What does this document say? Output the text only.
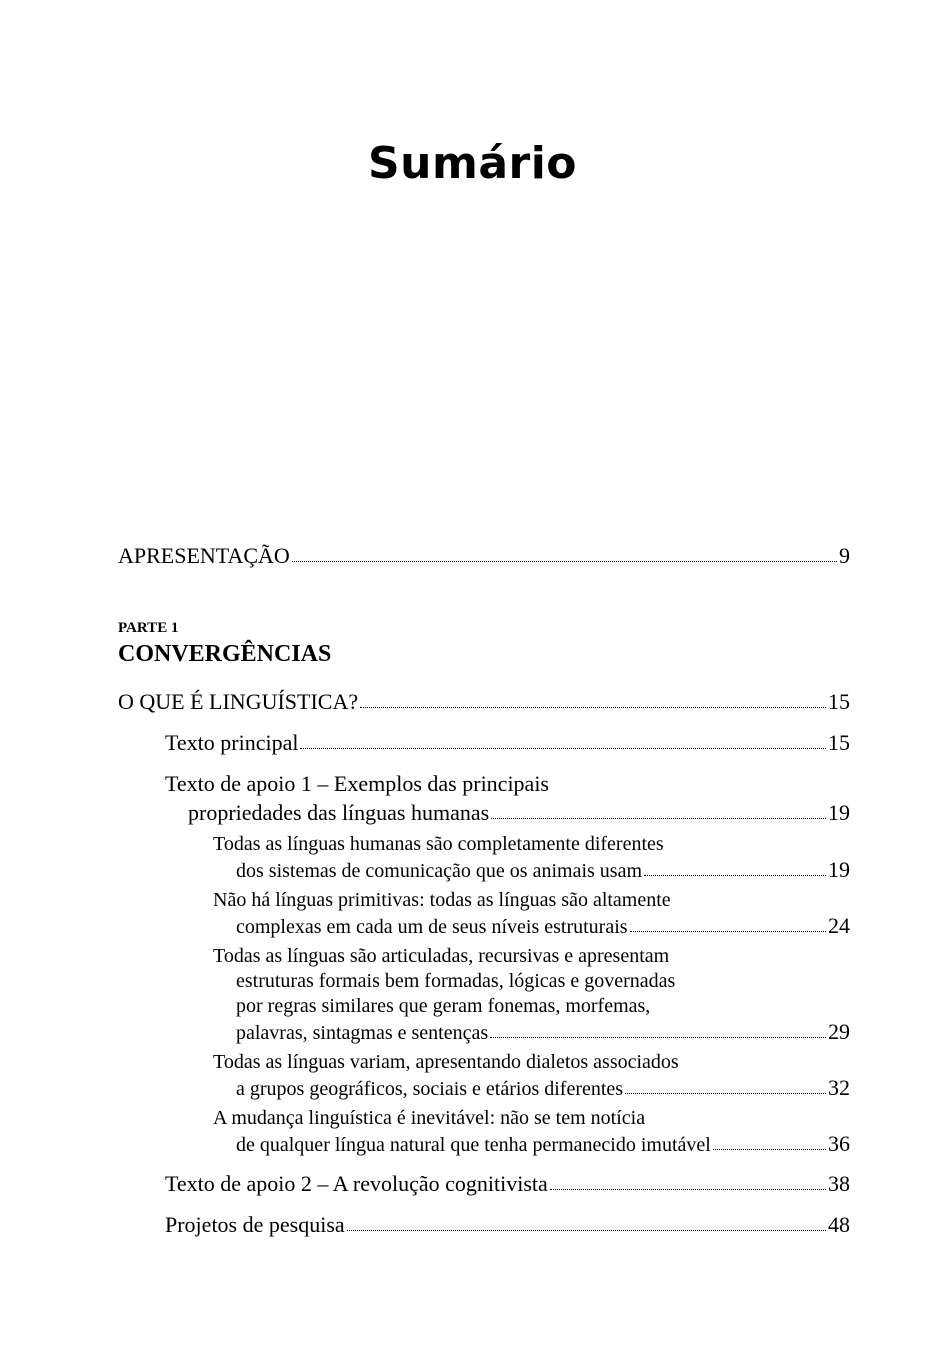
Sumário
APRESENTAÇÃO	9
PARTE 1
CONVERGÊNCIAS
O QUE É LINGUÍSTICA?	15
Texto principal	15
Texto de apoio 1 – Exemplos das principais
propriedades das línguas humanas	19
Todas as línguas humanas são completamente diferentes
dos sistemas de comunicação que os animais usam	19
Não há línguas primitivas: todas as línguas são altamente
complexas em cada um de seus níveis estruturais	24
Todas as línguas são articuladas, recursivas e apresentam
estruturas formais bem formadas, lógicas e governadas
por regras similares que geram fonemas, morfemas,
palavras, sintagmas e sentenças	29
Todas as línguas variam, apresentando dialetos associados
a grupos geográficos, sociais e etários diferentes	32
A mudança linguística é inevitável: não se tem notícia
de qualquer língua natural que tenha permanecido imutável	36
Texto de apoio 2 – A revolução cognitivista	38
Projetos de pesquisa	48
